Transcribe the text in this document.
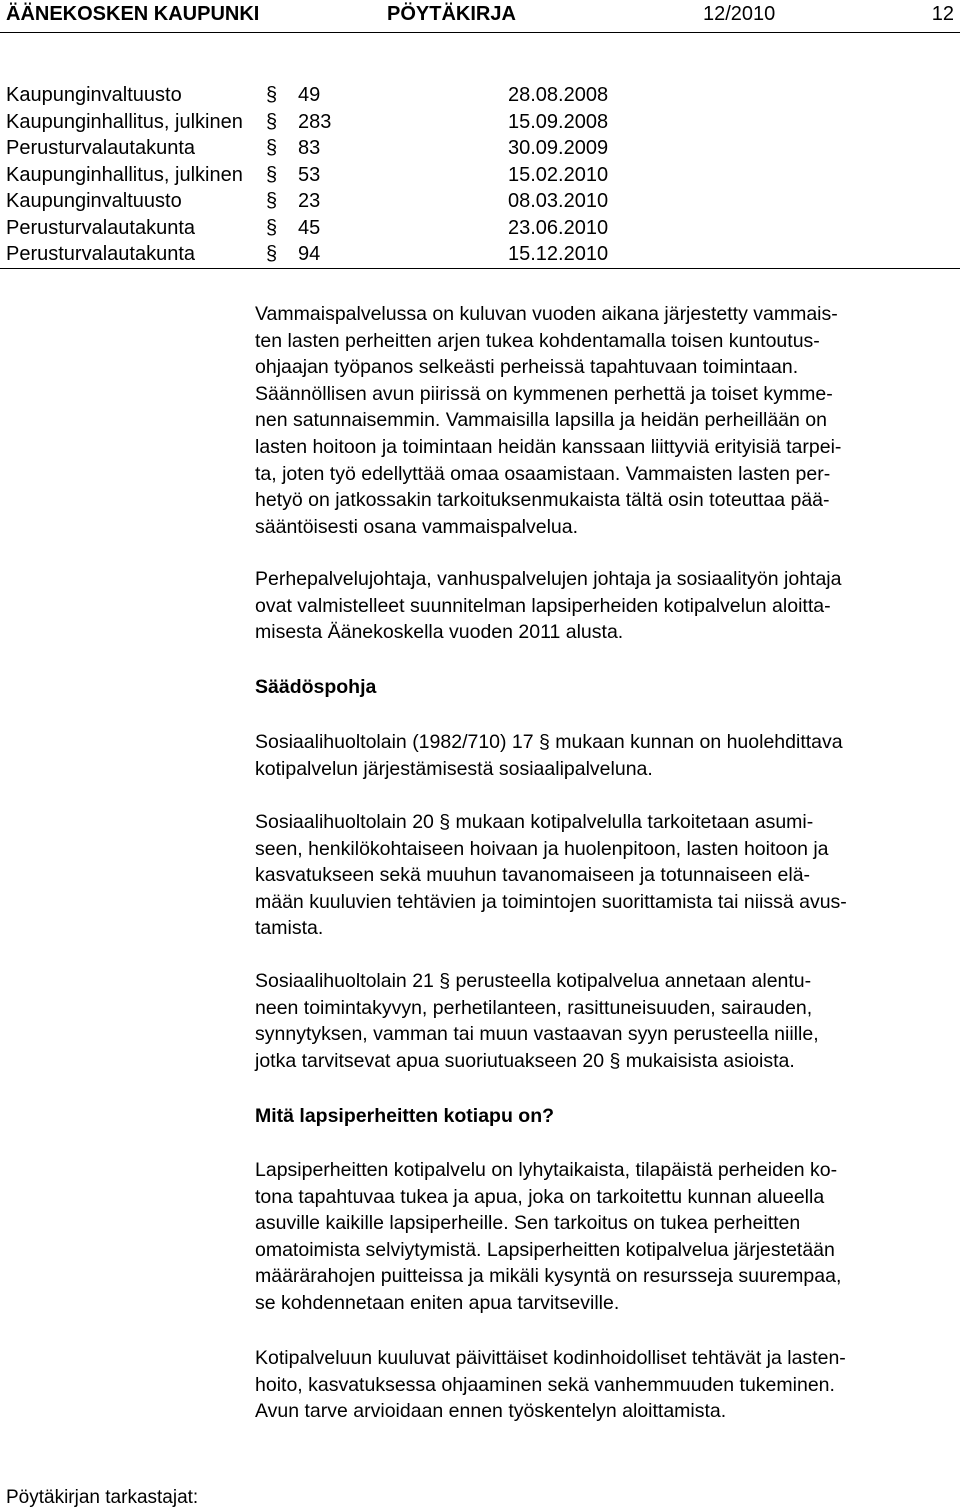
ÄÄNEKOSKEN KAUPUNKI	PÖYTÄKIRJA	12/2010	12
Kaupunginvaltuusto	§ 49	28.08.2008
Kaupunginhallitus, julkinen § 283	15.09.2008
Perusturvalautakunta	§ 83	30.09.2009
Kaupunginhallitus, julkinen § 53	15.02.2010
Kaupunginvaltuusto	§ 23	08.03.2010
Perusturvalautakunta	§ 45	23.06.2010
Perusturvalautakunta	§ 94	15.12.2010

Vammaispalvelussa on kuluvan vuoden aikana järjestetty vammais-
ten lasten perheitten arjen tukea kohdentamalla toisen kuntoutus-
ohjaajan työpanos selkeästi perheissä tapahtuvaan toimintaan.
Säännöllisen avun piirissä on kymmenen perhettä ja toiset kymme-
nen satunnaisemmin. Vammaisilla lapsilla ja heidän perheillään on
lasten hoitoon ja toimintaan heidän kanssaan liittyviä erityisiä tarpei-
ta, joten työ edellyttää omaa osaamistaan. Vammaisten lasten per-
hetyö on jatkossakin tarkoituksenmukaista tältä osin toteuttaa pää-
sääntöisesti osana vammaispalvelua.

Perhepalvelujohtaja, vanhuspalvelujen johtaja ja sosiaalityön johtaja
ovat valmistelleet suunnitelman lapsiperheiden kotipalvelun aloitta-
misesta Äänekoskella vuoden 2011 alusta.

Säädöspohja

Sosiaalihuoltolain (1982/710) 17 § mukaan kunnan on huolehdittava
kotipalvelun järjestämisestä sosiaalipalveluna.

Sosiaalihuoltolain 20 § mukaan kotipalvelulla tarkoitetaan asumi-
seen, henkilökohtaiseen hoivaan ja huolenpitoon, lasten hoitoon ja
kasvatukseen sekä muuhun tavanomaiseen ja totunnaiseen elä-
mään kuuluvien tehtävien ja toimintojen suorittamista tai niissä avus-
tamista.

Sosiaalihuoltolain 21 § perusteella kotipalvelua annetaan alentu-
neen toimintakyvyn, perhetilanteen, rasittuneisuuden, sairauden,
synnytyksen, vamman tai muun vastaavan syyn perusteella niille,
jotka tarvitsevat apua suoriutuakseen 20 § mukaisista asioista.

Mitä lapsiperheitten kotiapu on?

Lapsiperheitten kotipalvelu on lyhytaikaista, tilapäistä perheiden ko-
tona tapahtuvaa tukea ja apua, joka on tarkoitettu kunnan alueella
asuville kaikille lapsiperheille. Sen tarkoitus on tukea perheitten
omatoimista selviytymistä. Lapsiperheitten kotipalvelua järjestetään
määrärahojen puitteissa ja mikäli kysyntä on resursseja suurempaa,
se kohdennetaan eniten apua tarvitseville.

Kotipalveluun kuuluvat päivittäiset kodinhoidolliset tehtävät ja lasten-
hoito, kasvatuksessa ohjaaminen sekä vanhemmuuden tukeminen.
Avun tarve arvioidaan ennen työskentelyn aloittamista.

Pöytäkirjan tarkastajat:
